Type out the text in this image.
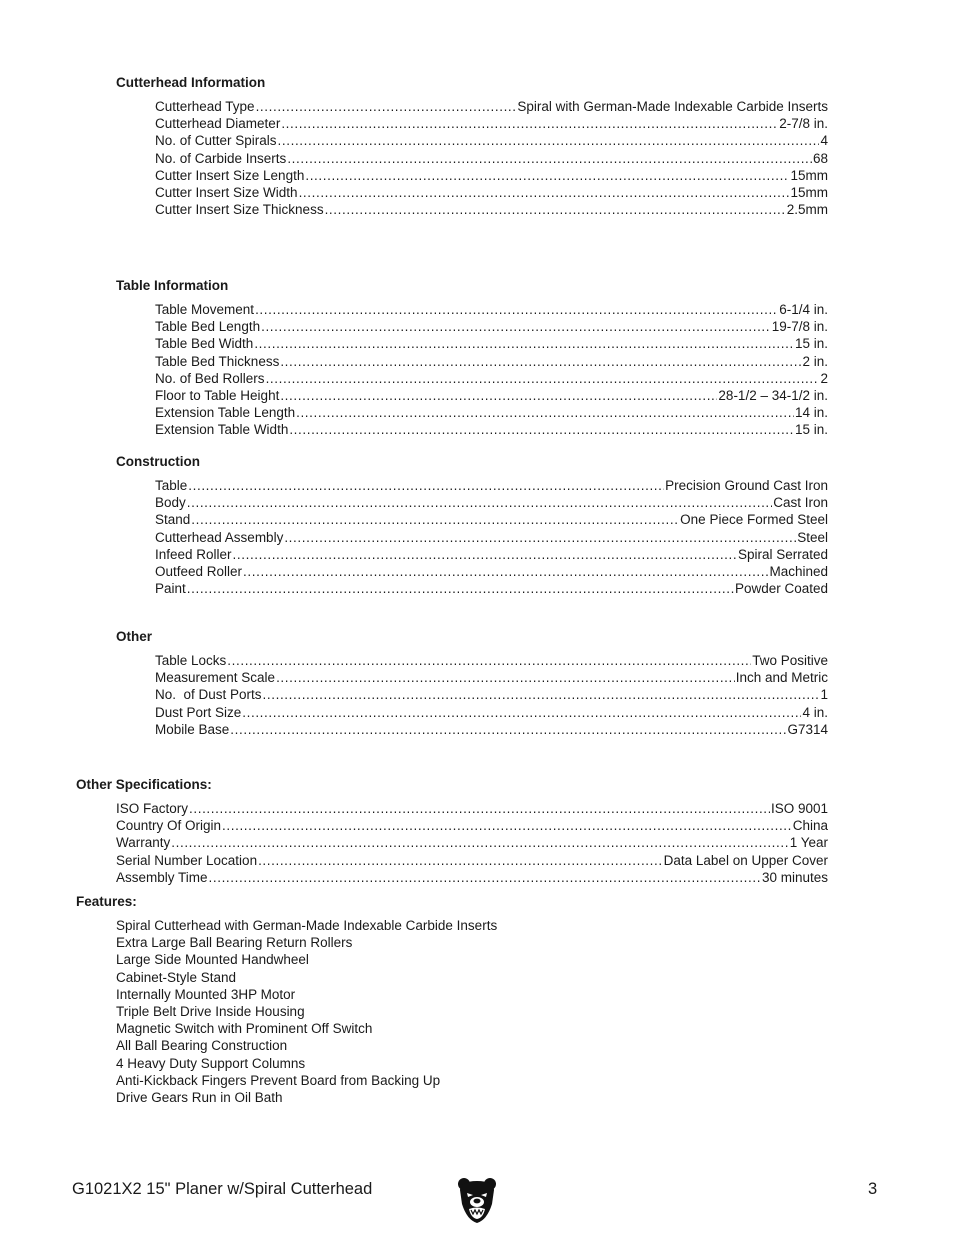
Cutterhead Information
Cutterhead Type .....	Spiral with German-Made Indexable Carbide Inserts
Cutterhead Diameter .....	2-7/8 in.
No. of Cutter Spirals .....	4
No. of Carbide Inserts .....	68
Cutter Insert Size Length .....	15mm
Cutter Insert Size Width .....	15mm
Cutter Insert Size Thickness .....	2.5mm
Table Information
Table Movement .....	6-1/4 in.
Table Bed Length .....	19-7/8 in.
Table Bed Width .....	15 in.
Table Bed Thickness .....	2 in.
No. of Bed Rollers .....	2
Floor to Table Height .....	28-1/2 – 34-1/2 in.
Extension Table Length .....	14 in.
Extension Table Width .....	15 in.
Construction
Table .....	Precision Ground Cast Iron
Body .....	Cast Iron
Stand .....	One Piece Formed Steel
Cutterhead Assembly .....	Steel
Infeed Roller .....	Spiral Serrated
Outfeed Roller .....	Machined
Paint .....	Powder Coated
Other
Table Locks .....	Two Positive
Measurement Scale .....	Inch and Metric
No.  of Dust Ports .....	1
Dust Port Size .....	4 in.
Mobile Base .....	G7314
Other Specifications:
ISO Factory .....	ISO 9001
Country Of Origin .....	China
Warranty .....	1 Year
Serial Number Location .....	Data Label on Upper Cover
Assembly Time .....	30 minutes
Features:
Spiral Cutterhead with German-Made Indexable Carbide Inserts
Extra Large Ball Bearing Return Rollers
Large Side Mounted Handwheel
Cabinet-Style Stand
Internally Mounted 3HP Motor
Triple Belt Drive Inside Housing
Magnetic Switch with Prominent Off Switch
All Ball Bearing Construction
4 Heavy Duty Support Columns
Anti-Kickback Fingers Prevent Board from Backing Up
Drive Gears Run in Oil Bath
G1021X2 15" Planer w/Spiral Cutterhead	3
